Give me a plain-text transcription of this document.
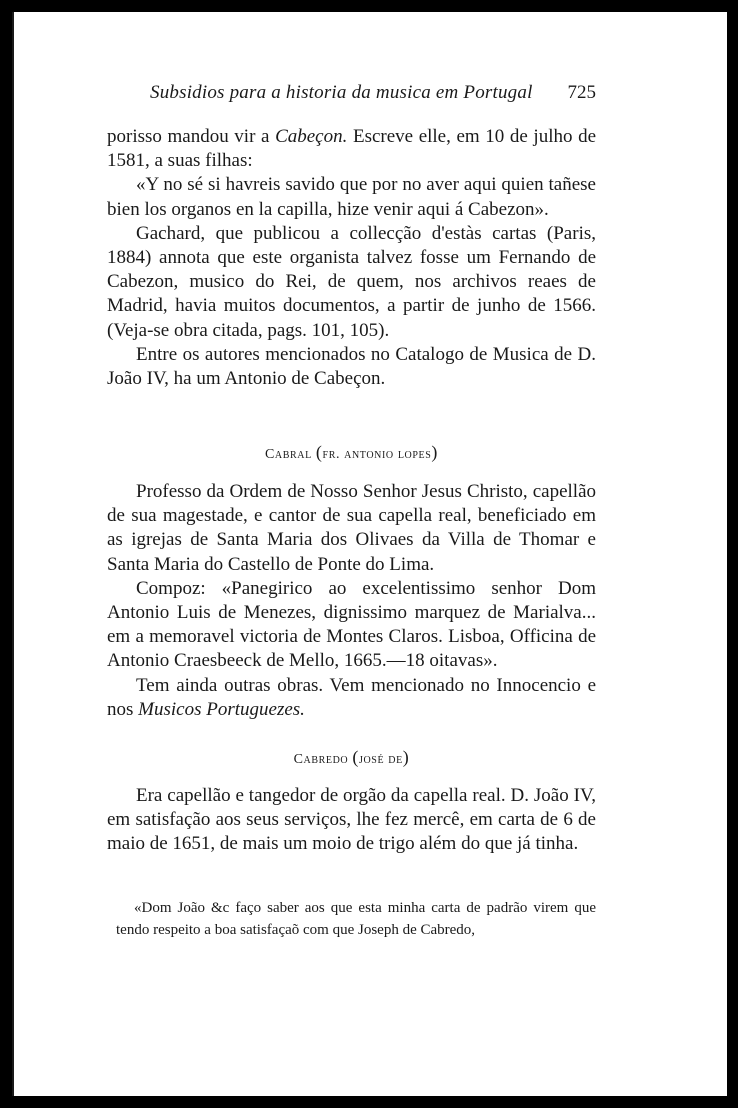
Subsidios para a historia da musica em Portugal 725

porisso mandou vir a Cabeçon. Escreve elle, em 10 de julho de 1581, a suas filhas:

«Y no sé si havreis savido que por no aver aqui quien tañese bien los organos en la capilla, hize venir aqui á Cabezon».

Gachard, que publicou a collecção d'estàs cartas (Paris, 1884) annota que este organista talvez fosse um Fernando de Cabezon, musico do Rei, de quem, nos archivos reaes de Madrid, havia muitos documentos, a partir de junho de 1566. (Veja-se obra citada, pags. 101, 105).

Entre os autores mencionados no Catalogo de Musica de D. João IV, ha um Antonio de Cabeçon.

Cabral (fr. antonio lopes)

Professo da Ordem de Nosso Senhor Jesus Christo, capellão de sua magestade, e cantor de sua capella real, beneficiado em as igrejas de Santa Maria dos Olivaes da Villa de Thomar e Santa Maria do Castello de Ponte do Lima.

Compoz: «Panegirico ao excelentissimo senhor Dom Antonio Luis de Menezes, dignissimo marquez de Marialva... em a memoravel victoria de Montes Claros. Lisboa, Officina de Antonio Craesbeeck de Mello, 1665.—18 oitavas».

Tem ainda outras obras. Vem mencionado no Innocencio e nos Musicos Portuguezes.

Cabredo (josé de)

Era capellão e tangedor de orgão da capella real. D. João IV, em satisfação aos seus serviços, lhe fez mercê, em carta de 6 de maio de 1651, de mais um moio de trigo além do que já tinha.

«Dom João &c faço saber aos que esta minha carta de padrão virem que tendo respeito a boa satisfaçaõ com que Joseph de Cabredo,
